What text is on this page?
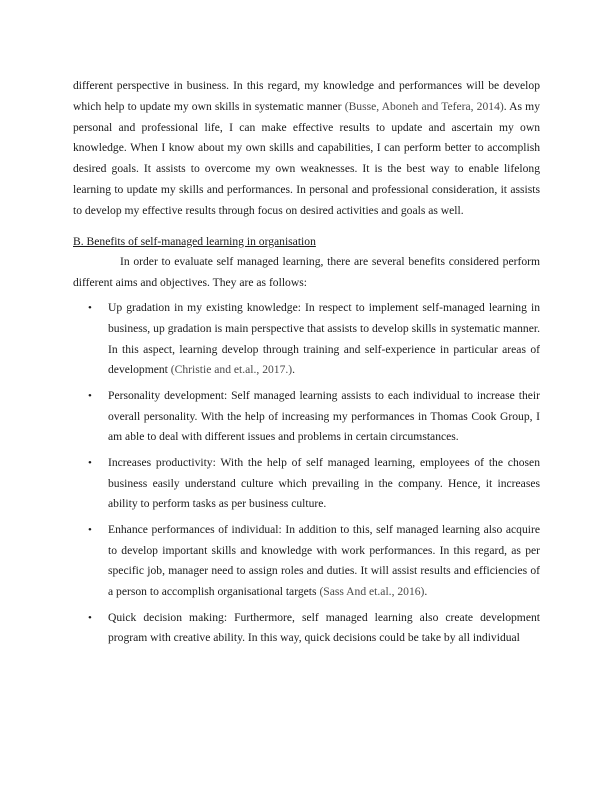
different perspective in business. In this regard, my knowledge and performances will be develop which help to update my own skills in systematic manner (Busse, Aboneh and Tefera, 2014). As my personal and professional life, I can make effective results to update and ascertain my own knowledge. When I know about my own skills and capabilities, I can perform better to accomplish desired goals. It assists to overcome my own weaknesses. It is the best way to enable lifelong learning to update my skills and performances. In personal and professional consideration, it assists to develop my effective results through focus on desired activities and goals as well.

B. Benefits of self-managed learning in organisation

In order to evaluate self managed learning, there are several benefits considered perform different aims and objectives. They are as follows:

• Up gradation in my existing knowledge: In respect to implement self-managed learning in business, up gradation is main perspective that assists to develop skills in systematic manner. In this aspect, learning develop through training and self-experience in particular areas of development (Christie and et.al., 2017.).

• Personality development: Self managed learning assists to each individual to increase their overall personality. With the help of increasing my performances in Thomas Cook Group, I am able to deal with different issues and problems in certain circumstances.

• Increases productivity: With the help of self managed learning, employees of the chosen business easily understand culture which prevailing in the company. Hence, it increases ability to perform tasks as per business culture.

• Enhance performances of individual: In addition to this, self managed learning also acquire to develop important skills and knowledge with work performances. In this regard, as per specific job, manager need to assign roles and duties. It will assist results and efficiencies of a person to accomplish organisational targets (Sass And et.al., 2016).

• Quick decision making: Furthermore, self managed learning also create development program with creative ability. In this way, quick decisions could be take by all individual
